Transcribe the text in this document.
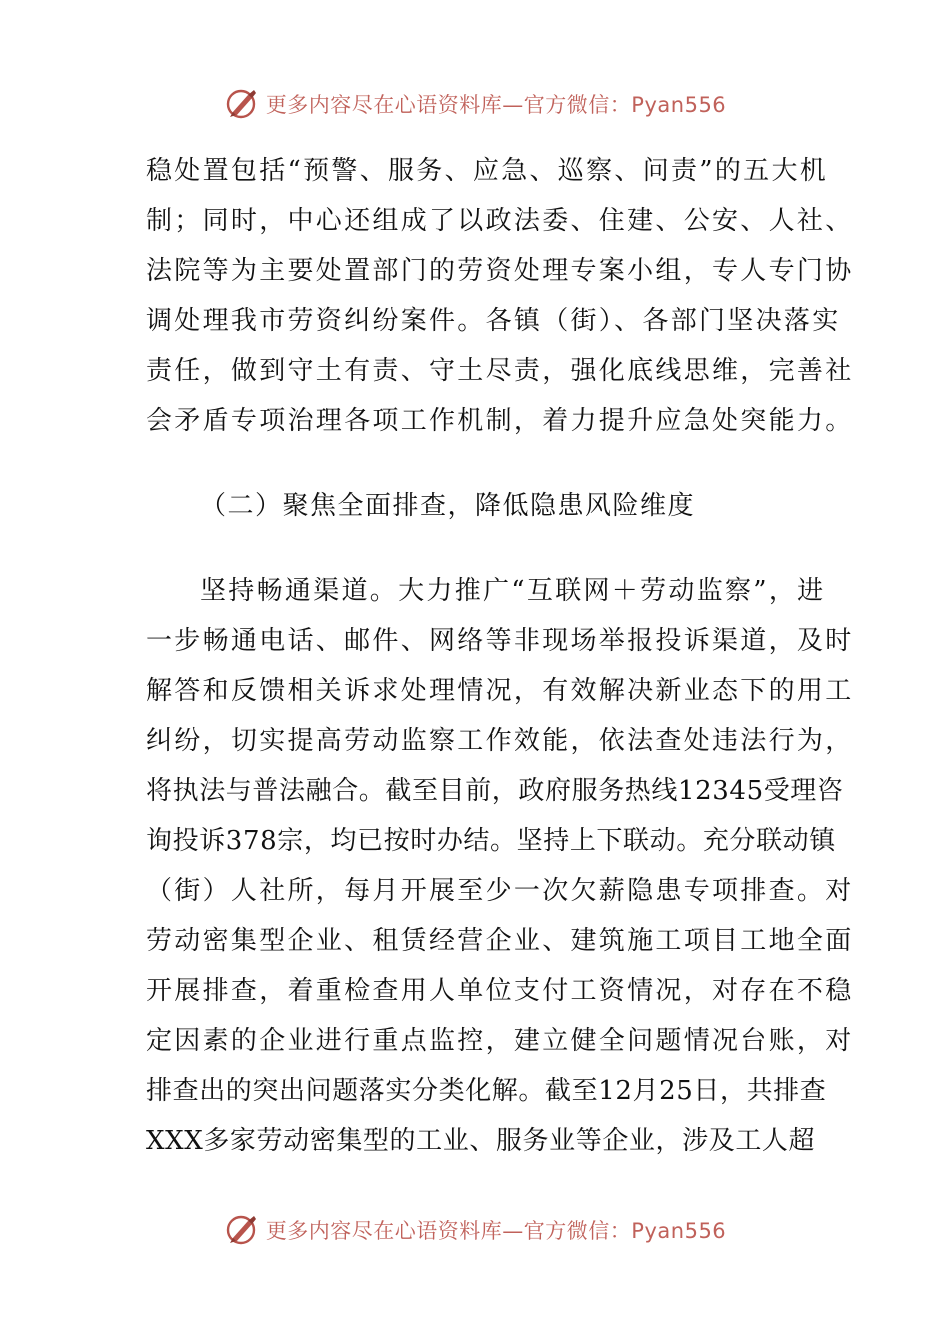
更多内容尽在心语资料库—官方微信：Pyan556
稳处置包括“预警、服务、应急、巡察、问责”的五大机
制；同时，中心还组成了以政法委、住建、公安、人社、
法院等为主要处置部门的劳资处理专案小组，专人专门协
调处理我市劳资纠纷案件。各镇（街）、各部门坚决落实
责任，做到守土有责、守土尽责，强化底线思维，完善社
会矛盾专项治理各项工作机制，着力提升应急处突能力。
（二）聚焦全面排查，降低隐患风险维度
坚持畅通渠道。大力推广“互联网＋劳动监察”，进
一步畅通电话、邮件、网络等非现场举报投诉渠道，及时
解答和反馈相关诉求处理情况，有效解决新业态下的用工
纠纷，切实提高劳动监察工作效能，依法查处违法行为，
将执法与普法融合。截至目前，政府服务热线12345受理咨
询投诉378宗，均已按时办结。坚持上下联动。充分联动镇
（街）人社所，每月开展至少一次欠薪隐患专项排查。对
劳动密集型企业、租赁经营企业、建筑施工项目工地全面
开展排查，着重检查用人单位支付工资情况，对存在不稳
定因素的企业进行重点监控，建立健全问题情况台账，对
排查出的突出问题落实分类化解。截至12月25日，共排查
XXX多家劳动密集型的工业、服务业等企业，涉及工人超
更多内容尽在心语资料库—官方微信：Pyan556
